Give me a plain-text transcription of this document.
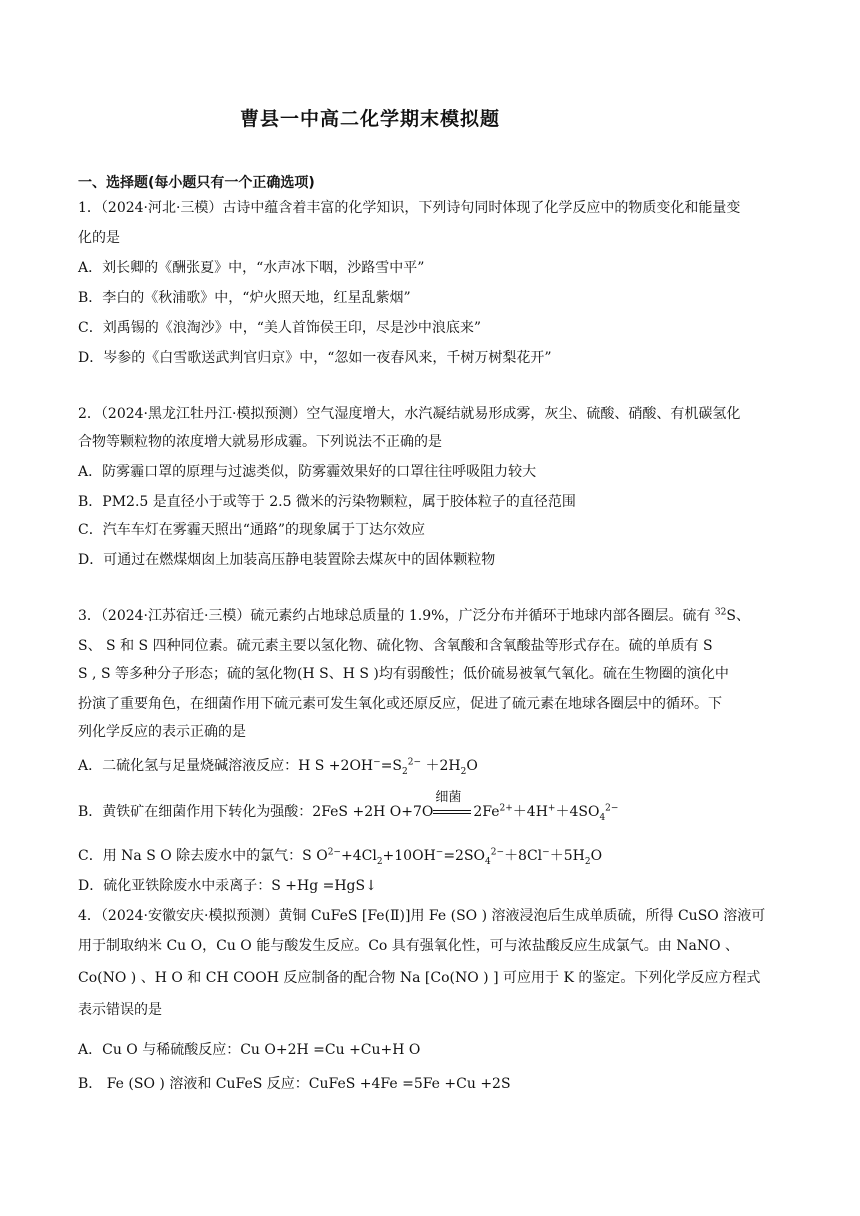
曹县一中高二化学期末模拟题
一、选择题(每小题只有一个正确选项)
1．（2024·河北·三模）古诗中蕴含着丰富的化学知识，下列诗句同时体现了化学反应中的物质变化和能量变
化的是
A．刘长卿的《酬张夏》中，“水声冰下咽，沙路雪中平”
B．李白的《秋浦歌》中，“炉火照天地，红星乱紫烟”
C．刘禹锡的《浪淘沙》中，“美人首饰侯王印，尽是沙中浪底来”
D．岑参的《白雪歌送武判官归京》中，“忽如一夜春风来，千树万树梨花开”
2．（2024·黑龙江牡丹江·模拟预测）空气湿度增大，水汽凝结就易形成雾，灰尘、硫酸、硝酸、有机碳氢化
合物等颗粒物的浓度增大就易形成霾。下列说法不正确的是
A．防雾霾口罩的原理与过滤类似，防雾霾效果好的口罩往往呼吸阻力较大
B．PM2.5 是直径小于或等于 2.5 微米的污染物颗粒，属于胶体粒子的直径范围
C．汽车车灯在雾霾天照出“通路”的现象属于丁达尔效应
D．可通过在燃煤烟囱上加装高压静电装置除去煤灰中的固体颗粒物
3．（2024·江苏宿迁·三模）硫元素约占地球总质量的 1.9%，广泛分布并循环于地球内部各圈层。硫有 $^{32}$S、
S、 S 和 S 四种同位素。硫元素主要以氢化物、硫化物、含氧酸和含氧酸盐等形式存在。硫的单质有 S
S , S 等多种分子形态；硫的氢化物(H S、H S )均有弱酸性；低价硫易被氧气氧化。硫在生物圈的演化中
扮演了重要角色，在细菌作用下硫元素可发生氧化或还原反应，促进了硫元素在地球各圈层中的循环。下
列化学反应的表示正确的是
A．二硫化氢与足量烧碱溶液反应：H $S +2OH^-=S_2^{2-} +2H_2O$
B．黄铁矿在细菌作用下转化为强酸：2FeS +2H O+7O
细菌
$2Fe^{2+}+4H^++4SO_4^{2-}$
C．用 Na S O 除去废水中的氯气：S $O^{2-}+4Cl_2+10OH^-=2SO_4^{2-}+8Cl^-+5H_2O$
D．硫化亚铁除废水中汞离子：S +Hg =HgS↓
4．（2024·安徽安庆·模拟预测）黄铜 CuFeS [Fe(Ⅱ)]用 Fe (SO ) 溶液浸泡后生成单质硫，所得 CuSO 溶液可
用于制取纳米 Cu O，Cu O 能与酸发生反应。Co 具有强氧化性，可与浓盐酸反应生成氯气。由 NaNO 、
Co(NO ) 、H O 和 CH COOH 反应制备的配合物 Na [Co(NO ) ] 可应用于 K 的鉴定。下列化学反应方程式
表示错误的是
A．Cu O 与稀硫酸反应：Cu O+2H =Cu +Cu+H O
B． Fe (SO ) 溶液和 CuFeS 反应：CuFeS +4Fe =5Fe +Cu +2S
